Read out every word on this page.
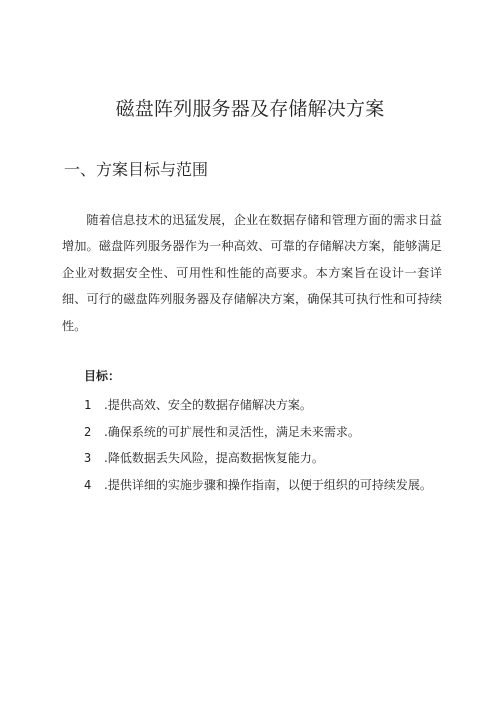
磁盘阵列服务器及存储解决方案
一、方案目标与范围

随着信息技术的迅猛发展，企业在数据存储和管理方面的需求日益增加。磁盘阵列服务器作为一种高效、可靠的存储解决方案，能够满足企业对数据安全性、可用性和性能的高要求。本方案旨在设计一套详细、可行的磁盘阵列服务器及存储解决方案，确保其可执行性和可持续性。

目标：
1 .提供高效、安全的数据存储解决方案。
2 .确保系统的可扩展性和灵活性，满足未来需求。
3 .降低数据丢失风险，提高数据恢复能力。
4 .提供详细的实施步骤和操作指南，以便于组织的可持续发展。
